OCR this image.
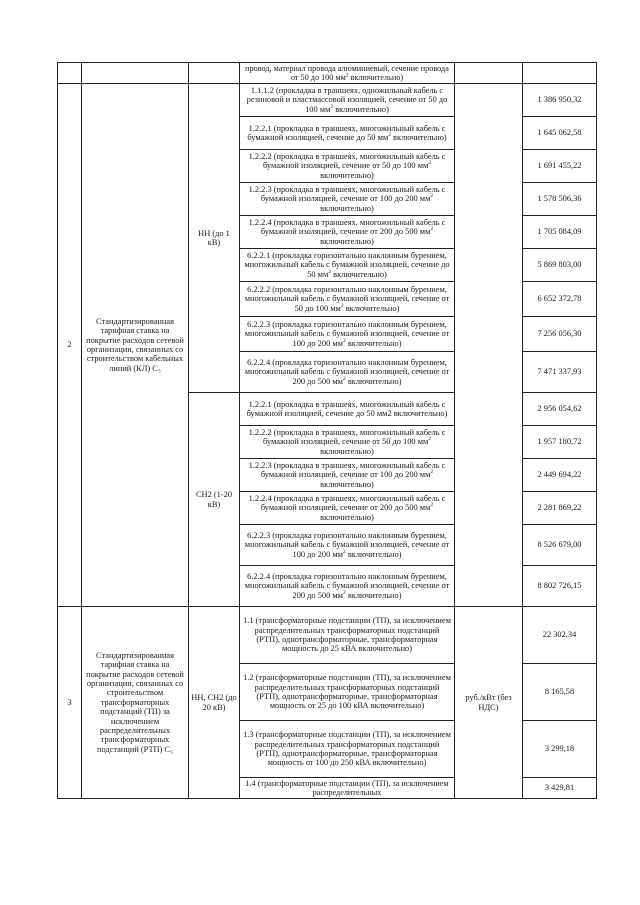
			провод, материал провода алюминиевый, сечение провода от 50 до 100 $мм^2$ включительно)		
2	Стандартизированная тарифная ставка на покрытие расходов сетевой организации, связанных со строительством кабельных линий (КЛ) C₃	НН (до 1 кВ)	1.1.1.2 (прокладка в траншеях, одножильный кабель с резиновой и пластмассовой изоляцией, сечение от 50 до 100 $мм^2$ включительно)		1 386 950,32
			1.2.2.1 (прокладка в траншеях, многожильный кабель с бумажной изоляцией, сечение до 50 $мм^2$ включительно)		1 645 062,58
			1.2.2.2 (прокладка в траншеях, многожильный кабель с бумажной изоляцией, сечение от 50 до 100 $мм^2$ включительно)		1 691 455,22
			1.2.2.3 (прокладка в траншеях, многожильный кабель с бумажной изоляцией, сечение от 100 до 200 $мм^2$ включительно)		1 578 506,36
			1.2.2.4 (прокладка в траншеях, многожильный кабель с бумажной изоляцией, сечение от 200 до 500 $мм^2$ включительно)		1 705 084,09
			6.2.2.1 (прокладка горизонтально наклонным бурением, многожильный кабель с бумажной изоляцией, сечение до 50 $мм^2$ включительно)		5 869 803,00
			6.2.2.2 (прокладка горизонтально наклонным бурением, многожильный кабель с бумажной изоляцией, сечение от 50 до 100 $мм^2$ включительно)		6 652 372,78
			6.2.2.3 (прокладка горизонтально наклонным бурением, многожильный кабель с бумажной изоляцией, сечение от 100 до 200 $мм^2$ включительно)		7 256 056,30
			6.2.2.4 (прокладка горизонтально наклонным бурением, многожильный кабель с бумажной изоляцией, сечение от 200 до 500 $мм^2$ включительно)		7 471 337,93
		СН2 (1-20 кВ)	1.2.2.1 (прокладка в траншеях, многожильный кабель с бумажной изоляцией, сечение до 50 мм2 включительно)		2 956 054,62
			1.2.2.2 (прокладка в траншеях, многожильный кабель с бумажной изоляцией, сечение от 50 до 100 $мм^2$ включительно)		1 957 180,72
			1.2.2.3 (прокладка в траншеях, многожильный кабель с бумажной изоляцией, сечение от 100 до 200 $мм^2$ включительно)		2 449 694,22
			1.2.2.4 (прокладка в траншеях, многожильный кабель с бумажной изоляцией, сечение от 200 до 500 $мм^2$ включительно)		2 281 869,22
			6.2.2.3 (прокладка горизонтально наклонным бурением, многожильный кабель с бумажной изоляцией, сечение от 100 до 200 $мм^2$ включительно)		8 526 679,00
			6.2.2.4 (прокладка горизонтально наклонным бурением, многожильный кабель с бумажной изоляцией, сечение от 200 до 500 $мм^2$ включительно)		8 802 726,15
3	Стандартизированная тарифная ставка на покрытие расходов сетевой организации, связанных со строительством трансформаторных подстанций (ТП) за исключением распределительных трансформаторных подстанций (РТП) C₅	НН, СН2 (до 20 кВ)	1.1 (трансформаторные подстанции (ТП), за исключением распределительных трансформаторных подстанций (РТП), однотрансформаторные, трансформаторная мощность до 25 кВА включительно)	руб./кВт (без НДС)	22 302,34
			1.2 (трансформаторные подстанции (ТП), за исключением распределительных трансформаторных подстанций (РТП), однотрансформаторные, трансформаторная мощность от 25 до 100 кВА включительно)		8 165,58
			1.3 (трансформаторные подстанции (ТП), за исключением распределительных трансформаторных подстанций (РТП), однотрансформаторные, трансформаторная мощность от 100 до 250 кВА включительно)		3 299,18
			1.4 (трансформаторные подстанции (ТП), за исключением распределительных		3 429,81
